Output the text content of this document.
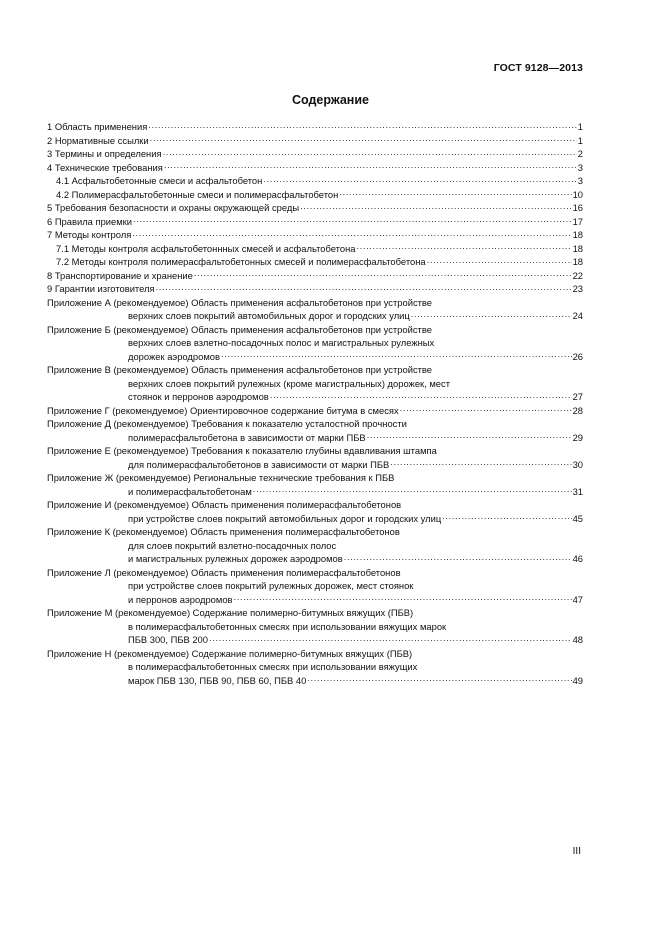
ГОСТ 9128—2013
Содержание
1 Область применения .....	1
2 Нормативные ссылки .....	1
3 Термины и определения .....	2
4 Технические требования .....	3
4.1 Асфальтобетонные смеси и асфальтобетон .....	3
4.2 Полимерасфальтобетонные смеси и полимерасфальтобетон .....	10
5 Требования безопасности и охраны окружающей среды .....	16
6 Правила приемки .....	17
7 Методы контроля .....	18
7.1 Методы контроля асфальтобетоннных смесей и асфальтобетона .....	18
7.2 Методы контроля полимерасфальтобетонных смесей и полимерасфальтобетона .....	18
8 Транспортирование и хранение .....	22
9 Гарантии изготовителя .....	23
Приложение А (рекомендуемое) Область применения асфальтобетонов при устройстве
верхних слоев покрытий автомобильных дорог и городских улиц .....	24
Приложение Б (рекомендуемое) Область применения асфальтобетонов при устройстве
верхних слоев взлетно-посадочных полос и магистральных рулежных
дорожек аэродромов .....	26
Приложение В (рекомендуемое) Область применения асфальтобетонов при устройстве
верхних слоев покрытий рулежных (кроме магистральных) дорожек, мест
стоянок и перронов аэродромов .....	27
Приложение Г (рекомендуемое) Ориентировочное содержание битума в смесях .....	28
Приложение Д (рекомендуемое) Требования к показателю усталостной прочности
полимерасфальтобетона в зависимости от марки ПБВ .....	29
Приложение Е (рекомендуемое) Требования к показателю глубины вдавливания штампа
для полимерасфальтобетонов в зависимости от марки ПБВ .....	30
Приложение Ж (рекомендуемое) Региональные технические требования к ПБВ
и полимерасфальтобетонам .....	31
Приложение И (рекомендуемое) Область применения полимерасфальтобетонов
при устройстве слоев покрытий автомобильных дорог и городских улиц .....	45
Приложение К (рекомендуемое) Область применения полимерасфальтобетонов
для слоев покрытий взлетно-посадочных полос
и магистральных рулежных дорожек аэродромов .....	46
Приложение Л (рекомендуемое) Область применения полимерасфальтобетонов
при устройстве слоев покрытий рулежных дорожек, мест стоянок
и перронов аэродромов .....	47
Приложение М (рекомендуемое) Содержание полимерно-битумных вяжущих (ПБВ)
в полимерасфальтобетонных смесях при использовании вяжущих марок
ПБВ 300, ПБВ 200 .....	48
Приложение Н (рекомендуемое) Содержание полимерно-битумных вяжущих (ПБВ)
в полимерасфальтобетонных смесях при использовании вяжущих
марок ПБВ 130, ПБВ 90, ПБВ 60, ПБВ 40 .....	49
III
